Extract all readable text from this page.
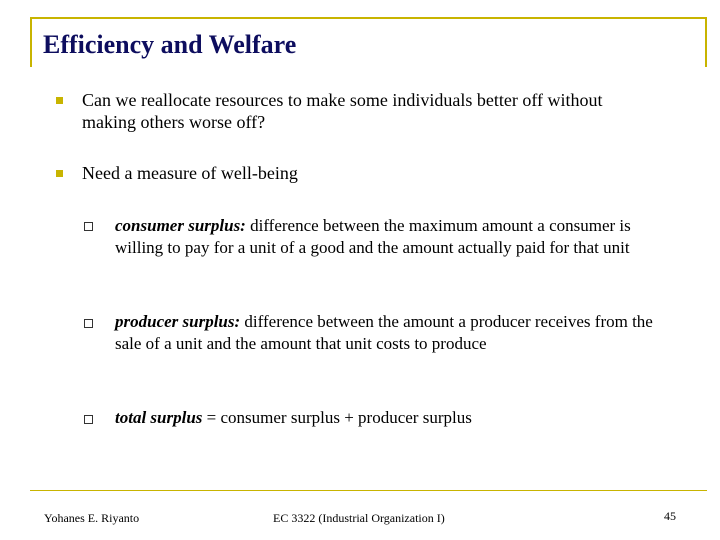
Efficiency and Welfare
Can we reallocate resources to make some individuals better off without making others worse off?
Need a measure of well-being
consumer surplus: difference between the maximum amount a consumer is willing to pay for a unit of a good and the amount actually paid for that unit
producer surplus: difference between the amount a producer receives from the sale of a unit and the amount that unit costs to produce
total surplus = consumer surplus + producer surplus
Yohanes E. Riyanto	EC 3322 (Industrial Organization I)	45
